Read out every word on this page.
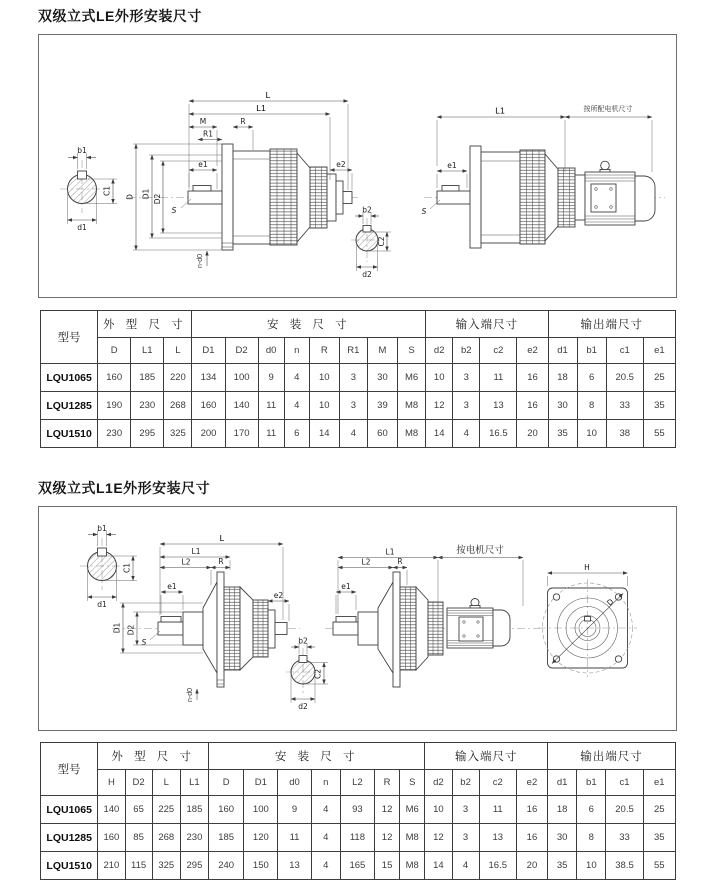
双级立式LE外形安装尺寸
b1
C1
d1
S
n-d0
D D1 D2
e1	e2
L
L1
M	R
R1
b2
C2
d2
S
e1
L1	按所配电机尺寸
型号	外 型 尺 寸			安 装 尺 寸								输入端尺寸				输出端尺寸			
	D	L1	L	D1	D2	d0	n	R	R1	M	S	d2	b2	c2	e2	d1	b1	c1	e1
LQU1065	160	185	220	134	100	9	4	10	3	30	M6	10	3	11	16	18	6	20.5	25
LQU1285	190	230	268	160	140	11	4	10	3	39	M8	12	3	13	16	30	8	33	35
LQU1510	230	295	325	200	170	11	6	14	4	60	M8	14	4	16.5	20	35	10	38	55
双级立式L1E外形安装尺寸
b1
C1
d1
S
n-d0
D1 D2
e1
e2
L
L1
L2	R
b2
C2
d2
e1
L1
L2	R
按电机尺寸
H
D
型号	外 型 尺 寸				安 装 尺 寸							输入端尺寸				输出端尺寸			
	H	D2	L	L1	D	D1	d0	n	L2	R	S	d2	b2	c2	e2	d1	b1	c1	e1
LQU1065	140	65	225	185	160	100	9	4	93	12	M6	10	3	11	16	18	6	20.5	25
LQU1285	160	85	268	230	185	120	11	4	118	12	M8	12	3	13	16	30	8	33	35
LQU1510	210	115	325	295	240	150	13	4	165	15	M8	14	4	16.5	20	35	10	38.5	55
